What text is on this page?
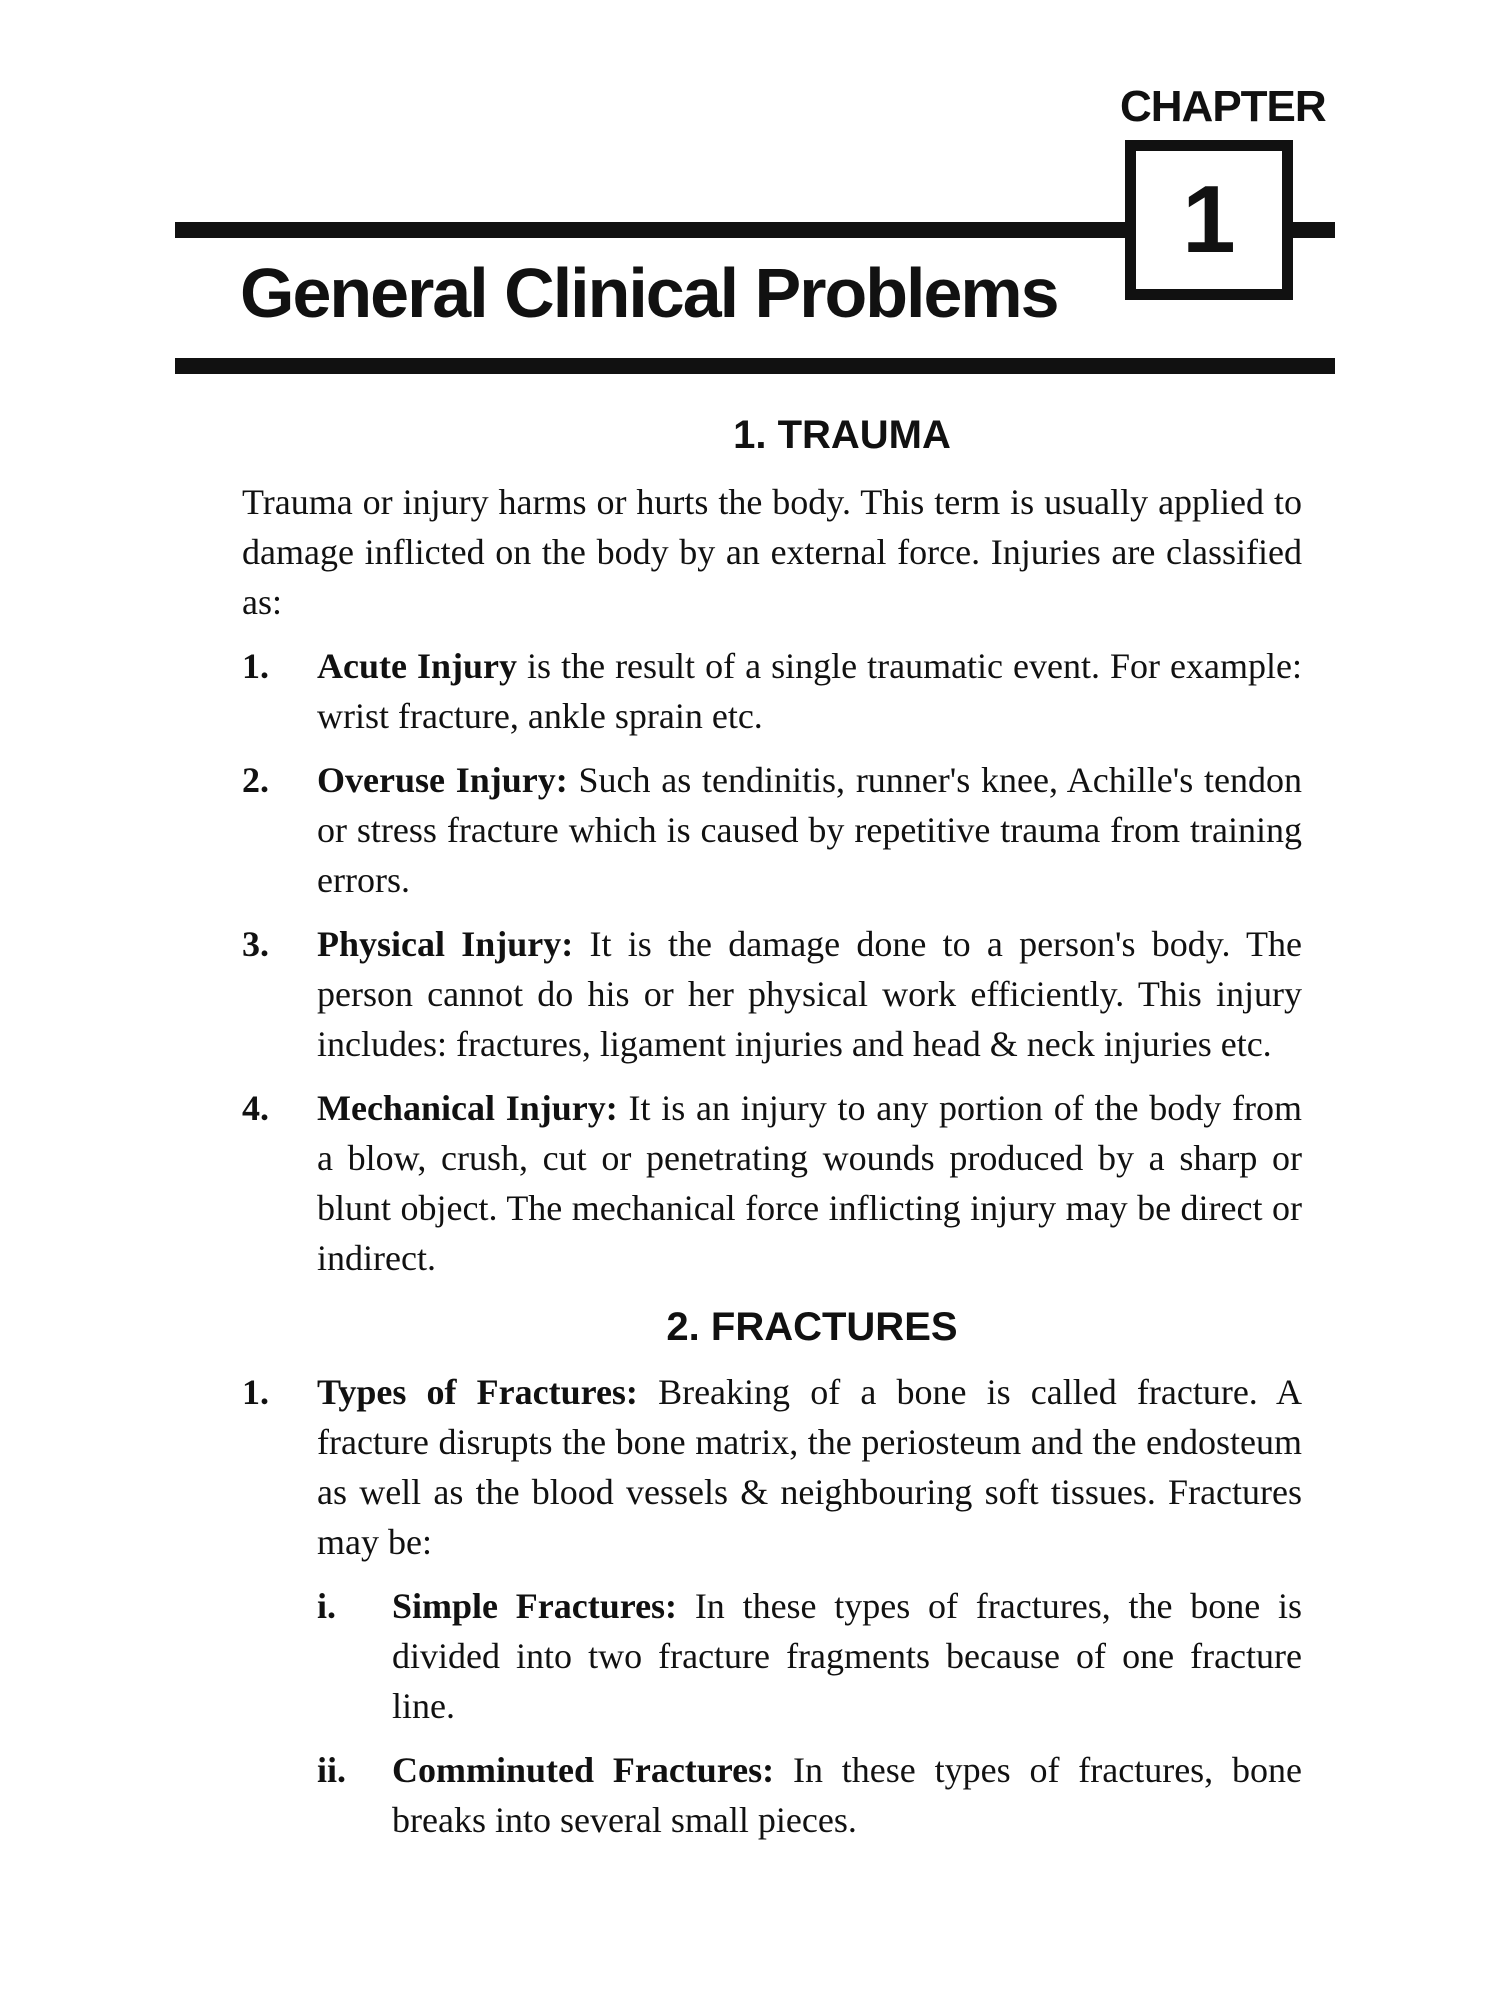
CHAPTER
1
General Clinical Problems
1. TRAUMA

Trauma or injury harms or hurts the body. This term is usually applied to damage inflicted on the body by an external force. Injuries are classified as:

1. Acute Injury is the result of a single traumatic event. For example: wrist fracture, ankle sprain etc.
2. Overuse Injury: Such as tendinitis, runner's knee, Achille's tendon or stress fracture which is caused by repetitive trauma from training errors.
3. Physical Injury: It is the damage done to a person's body. The person cannot do his or her physical work efficiently. This injury includes: fractures, ligament injuries and head & neck injuries etc.
4. Mechanical Injury: It is an injury to any portion of the body from a blow, crush, cut or penetrating wounds produced by a sharp or blunt object. The mechanical force inflicting injury may be direct or indirect.
2. FRACTURES
1. Types of Fractures: Breaking of a bone is called fracture. A fracture disrupts the bone matrix, the periosteum and the endosteum as well as the blood vessels & neighbouring soft tissues. Fractures may be:
i. Simple Fractures: In these types of fractures, the bone is divided into two fracture fragments because of one fracture line.
ii. Comminuted Fractures: In these types of fractures, bone breaks into several small pieces.
